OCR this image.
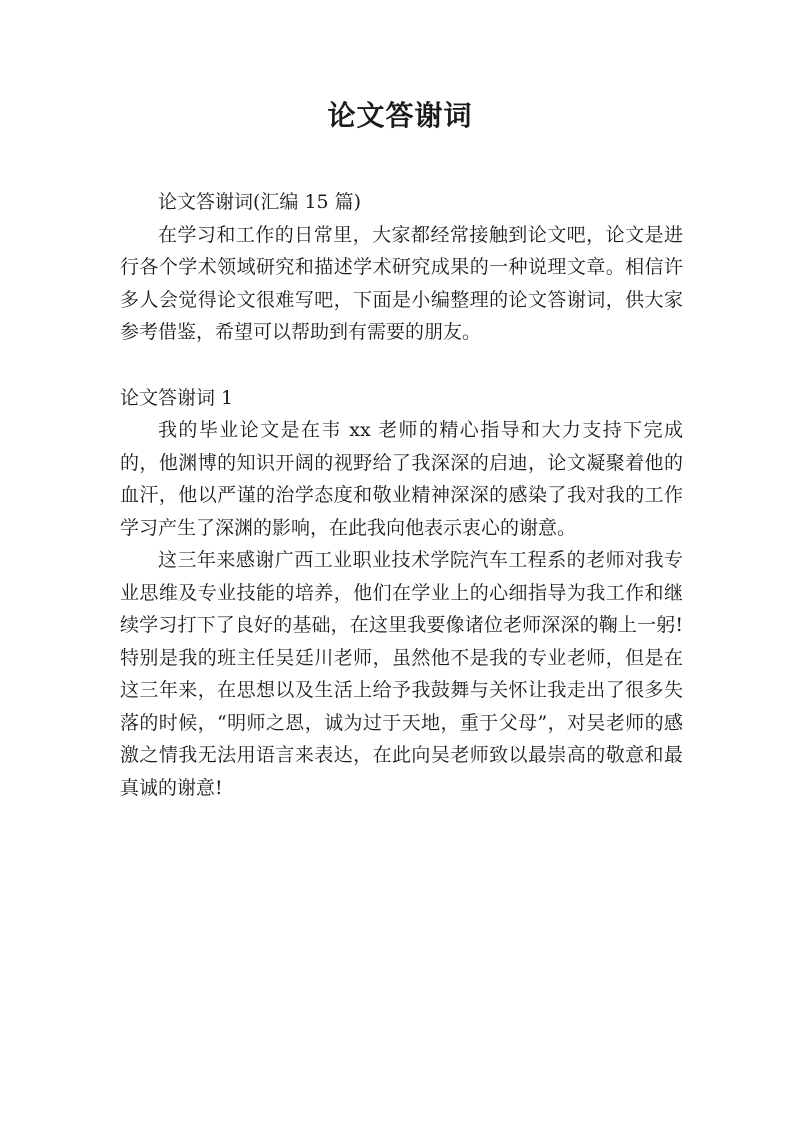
论文答谢词

论文答谢词(汇编 15 篇)

在学习和工作的日常里，大家都经常接触到论文吧，论文是进行各个学术领域研究和描述学术研究成果的一种说理文章。相信许多人会觉得论文很难写吧，下面是小编整理的论文答谢词，供大家参考借鉴，希望可以帮助到有需要的朋友。

论文答谢词 1

我的毕业论文是在韦 xx 老师的精心指导和大力支持下完成的，他渊博的知识开阔的视野给了我深深的启迪，论文凝聚着他的血汗，他以严谨的治学态度和敬业精神深深的感染了我对我的工作学习产生了深渊的影响，在此我向他表示衷心的谢意。

这三年来感谢广西工业职业技术学院汽车工程系的老师对我专业思维及专业技能的培养，他们在学业上的心细指导为我工作和继续学习打下了良好的基础，在这里我要像诸位老师深深的鞠上一躬!特别是我的班主任吴廷川老师，虽然他不是我的专业老师，但是在这三年来，在思想以及生活上给予我鼓舞与关怀让我走出了很多失落的时候，“明师之恩，诚为过于天地，重于父母”，对吴老师的感激之情我无法用语言来表达，在此向吴老师致以最崇高的敬意和最真诚的谢意!
